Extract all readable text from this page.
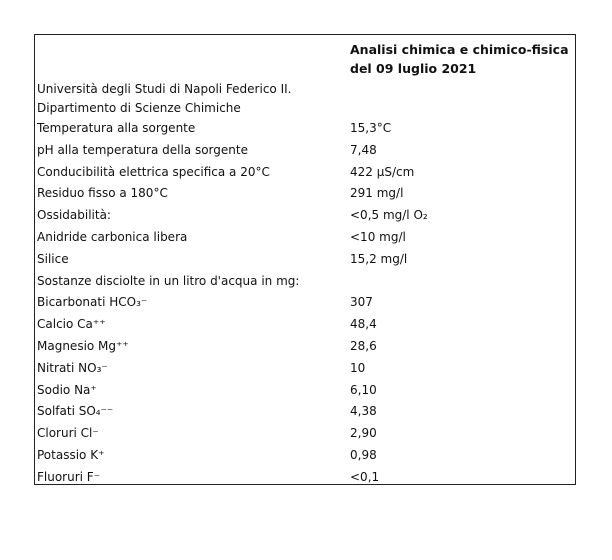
Analisi chimica e chimico-fisica
del 09 luglio 2021
Università degli Studi di Napoli Federico II.
Dipartimento di Scienze Chimiche
Temperatura alla sorgente	15,3°C
pH alla temperatura della sorgente	7,48
Conducibilità elettrica specifica a 20°C	422 µS/cm
Residuo fisso a 180°C	291 mg/l
Ossidabilità:	<0,5 mg/l O₂
Anidride carbonica libera	<10 mg/l
Silice	15,2 mg/l
Sostanze disciolte in un litro d'acqua in mg:
Bicarbonati HCO₃⁻	307
Calcio Ca⁺⁺	48,4
Magnesio Mg⁺⁺	28,6
Nitrati NO₃⁻	10
Sodio Na⁺	6,10
Solfati SO₄⁻⁻	4,38
Cloruri Cl⁻	2,90
Potassio K⁺	0,98
Fluoruri F⁻	<0,1
